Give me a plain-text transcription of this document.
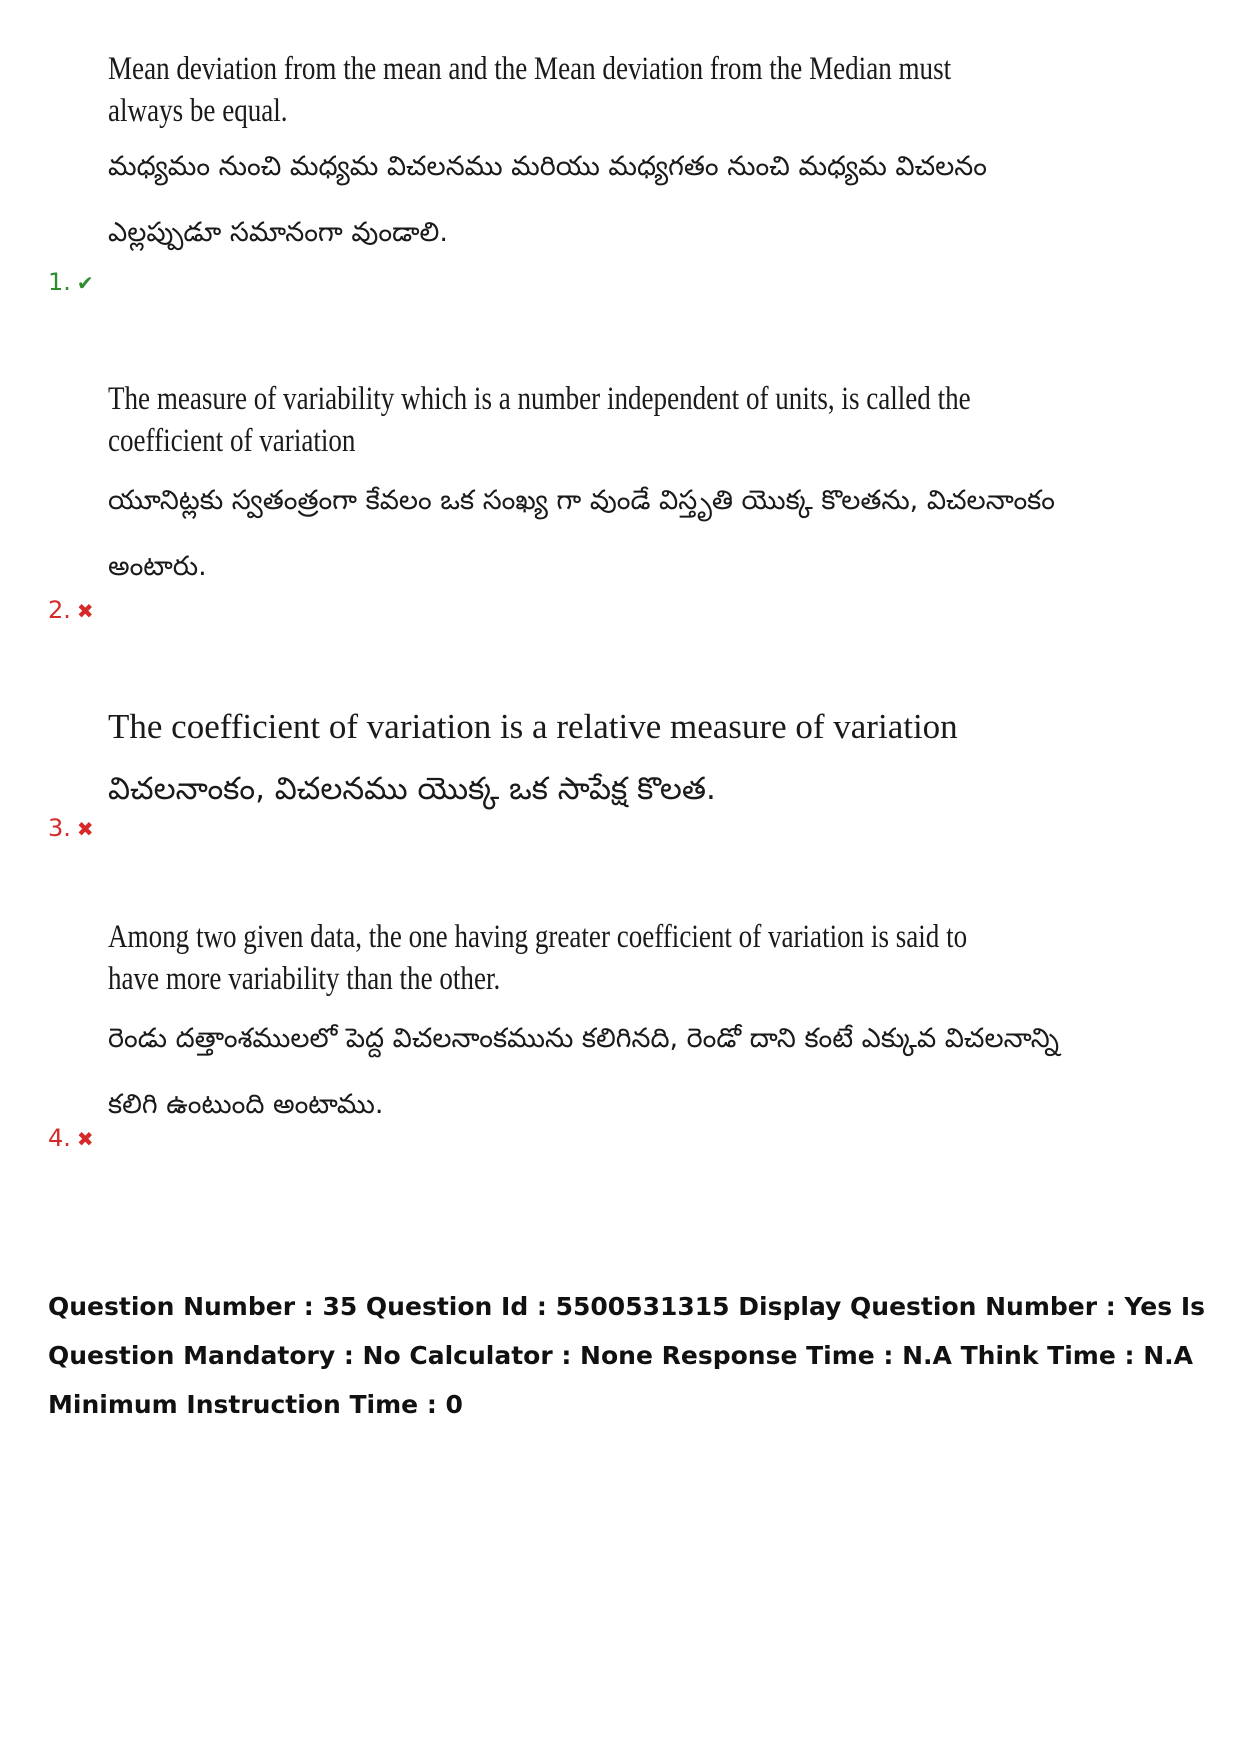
Mean deviation from the mean and the Mean deviation from the Median must always be equal.

మధ్యమం నుంచి మధ్యమ విచలనము మరియు మధ్యగతం నుంచి మధ్యమ విచలనం

ఎల్లప్పుడూ సమానంగా వుండాలి.

1. ✔

The measure of variability which is a number independent of units, is called the coefficient of variation

యూనిట్లకు స్వతంత్రంగా కేవలం ఒక సంఖ్య గా వుండే విస్తృతి యొక్క కొలతను, విచలనాంకం

అంటారు.

2. ✖

The coefficient of variation is a relative measure of variation

విచలనాంకం, విచలనము యొక్క ఒక సాపేక్ష కొలత.

3. ✖

Among two given data, the one having greater coefficient of variation is said to have more variability than the other.

రెండు దత్తాంశములలో పెద్ద విచలనాంకమును కలిగినది, రెండో దాని కంటే ఎక్కువ విచలనాన్ని

కలిగి ఉంటుంది అంటాము.

4. ✖
Question Number : 35 Question Id : 5500531315 Display Question Number : Yes Is Question Mandatory : No Calculator : None Response Time : N.A Think Time : N.A Minimum Instruction Time : 0
